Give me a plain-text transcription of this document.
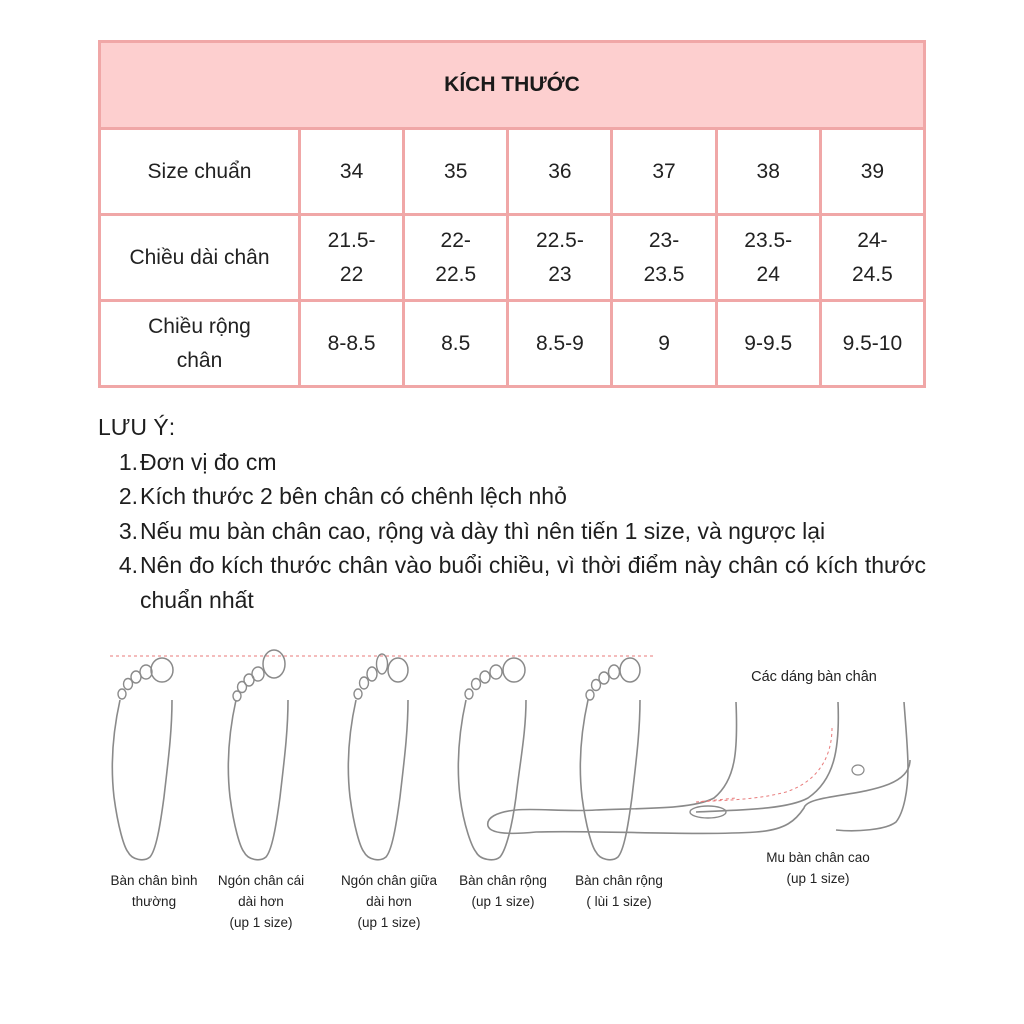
KÍCH THƯỚC						
Size chuẩn	34	35	36	37	38	39
Chiều dài chân	21.5-22	22-22.5	22.5-23	23-23.5	23.5-24	24-24.5
Chiều rộng chân	8-8.5	8.5	8.5-9	9	9-9.5	9.5-10
LƯU Ý:
1. Đơn vị đo cm
2. Kích thước 2 bên chân có chênh lệch nhỏ
3. Nếu mu bàn chân cao, rộng và dày thì nên tiến 1 size, và ngược lại
4. Nên đo kích thước chân vào buổi chiều, vì thời điểm này chân có kích thước chuẩn nhất
Các dáng bàn chân
Bàn chân bình
thường
Ngón chân cái
dài hơn
(up 1 size)
Ngón chân giữa
dài hơn
(up 1 size)
Bàn chân rộng
(up 1 size)
Bàn chân rộng
( lùi 1 size)
Mu bàn chân cao
(up 1 size)
